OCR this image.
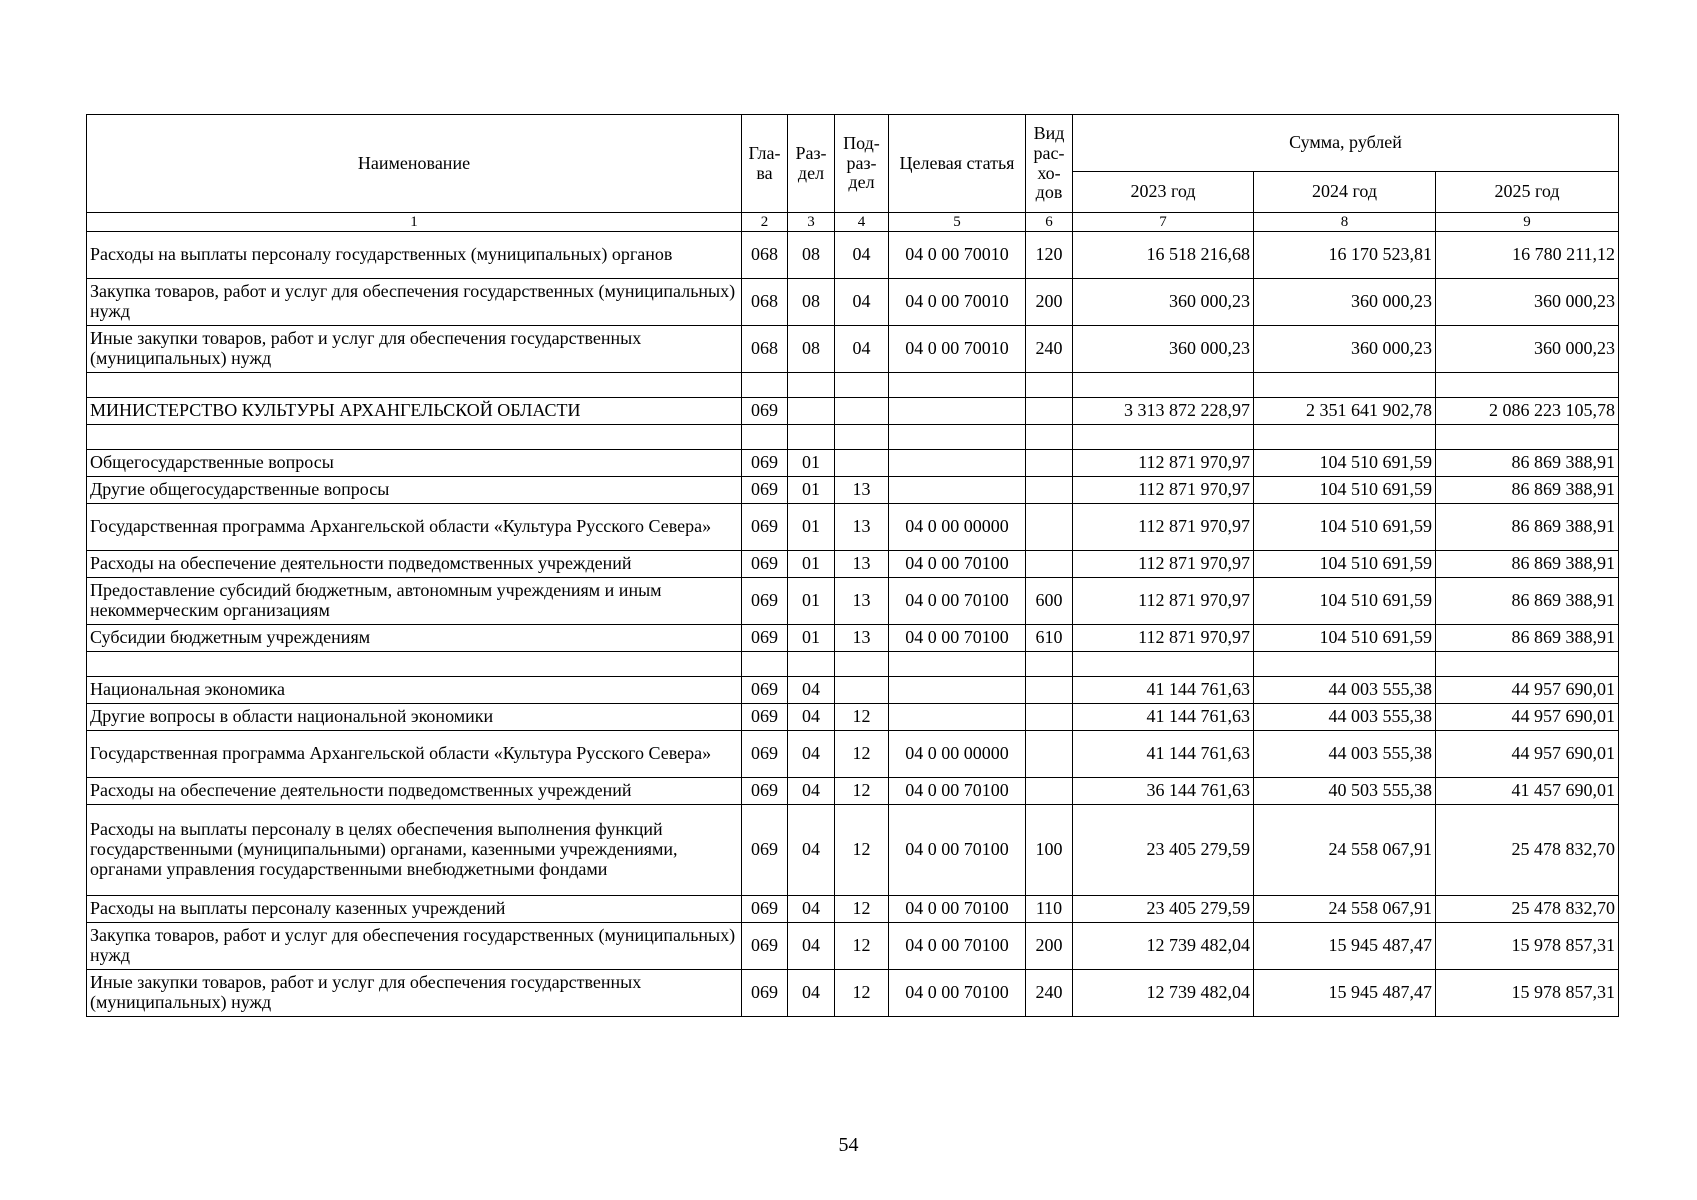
Наименование	Гла-ва	Раз-дел	Под-раз-дел	Целевая статья	Вид рас-хо-дов	Сумма, рублей		
						2023 год	2024 год	2025 год
1	2	3	4	5	6	7	8	9
Расходы на выплаты персоналу государственных (муниципальных) органов	068	08	04	04 0 00 70010	120	16 518 216,68	16 170 523,81	16 780 211,12
Закупка товаров, работ и услуг для обеспечения государственных (муниципальных) нужд	068	08	04	04 0 00 70010	200	360 000,23	360 000,23	360 000,23
Иные закупки товаров, работ и услуг для обеспечения государственных (муниципальных) нужд	068	08	04	04 0 00 70010	240	360 000,23	360 000,23	360 000,23

МИНИСТЕРСТВО КУЛЬТУРЫ АРХАНГЕЛЬСКОЙ ОБЛАСТИ	069					3 313 872 228,97	2 351 641 902,78	2 086 223 105,78

Общегосударственные вопросы	069	01				112 871 970,97	104 510 691,59	86 869 388,91
Другие общегосударственные вопросы	069	01	13			112 871 970,97	104 510 691,59	86 869 388,91
Государственная программа Архангельской области «Культура Русского Севера»	069	01	13	04 0 00 00000		112 871 970,97	104 510 691,59	86 869 388,91
Расходы на обеспечение деятельности подведомственных учреждений	069	01	13	04 0 00 70100		112 871 970,97	104 510 691,59	86 869 388,91
Предоставление субсидий бюджетным, автономным учреждениям и иным некоммерческим организациям	069	01	13	04 0 00 70100	600	112 871 970,97	104 510 691,59	86 869 388,91
Субсидии бюджетным учреждениям	069	01	13	04 0 00 70100	610	112 871 970,97	104 510 691,59	86 869 388,91

Национальная экономика	069	04				41 144 761,63	44 003 555,38	44 957 690,01
Другие вопросы в области национальной экономики	069	04	12			41 144 761,63	44 003 555,38	44 957 690,01
Государственная программа Архангельской области «Культура Русского Севера»	069	04	12	04 0 00 00000		41 144 761,63	44 003 555,38	44 957 690,01
Расходы на обеспечение деятельности подведомственных учреждений	069	04	12	04 0 00 70100		36 144 761,63	40 503 555,38	41 457 690,01
Расходы на выплаты персоналу в целях обеспечения выполнения функций государственными (муниципальными) органами, казенными учреждениями, органами управления государственными внебюджетными фондами	069	04	12	04 0 00 70100	100	23 405 279,59	24 558 067,91	25 478 832,70
Расходы на выплаты персоналу казенных учреждений	069	04	12	04 0 00 70100	110	23 405 279,59	24 558 067,91	25 478 832,70
Закупка товаров, работ и услуг для обеспечения государственных (муниципальных) нужд	069	04	12	04 0 00 70100	200	12 739 482,04	15 945 487,47	15 978 857,31
Иные закупки товаров, работ и услуг для обеспечения государственных (муниципальных) нужд	069	04	12	04 0 00 70100	240	12 739 482,04	15 945 487,47	15 978 857,31
54
